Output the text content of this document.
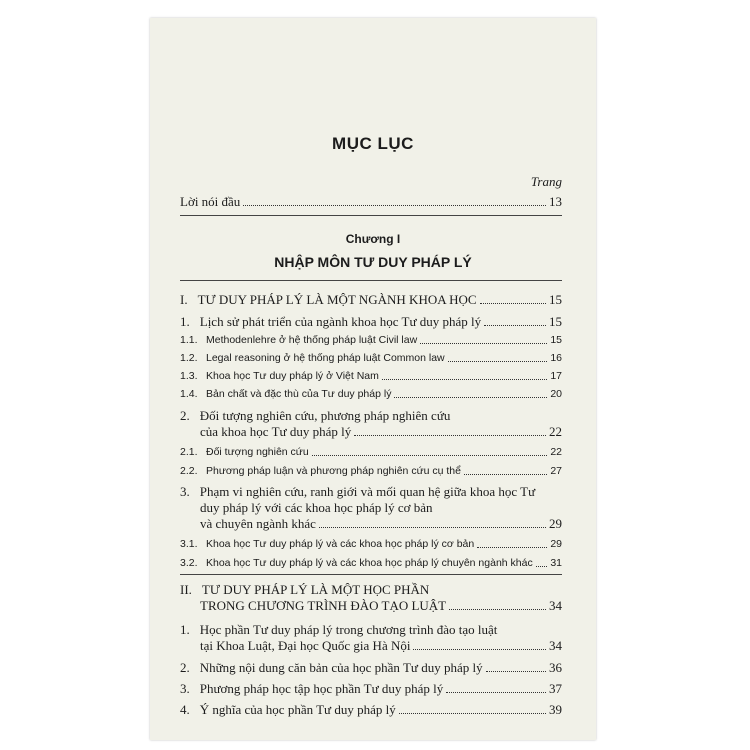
MỤC LỤC
Trang
Lời nói đầu	13
Chương I
NHẬP MÔN TƯ DUY PHÁP LÝ
I. TƯ DUY PHÁP LÝ LÀ MỘT NGÀNH KHOA HỌC	15
1. Lịch sử phát triển của ngành khoa học Tư duy pháp lý	15
1.1. Methodenlehre ở hệ thống pháp luật Civil law	15
1.2. Legal reasoning ở hệ thống pháp luật Common law	16
1.3. Khoa học Tư duy pháp lý ở Việt Nam	17
1.4. Bản chất và đặc thù của Tư duy pháp lý	20
2. Đối tượng nghiên cứu, phương pháp nghiên cứu
của khoa học Tư duy pháp lý	22
2.1. Đối tượng nghiên cứu	22
2.2. Phương pháp luận và phương pháp nghiên cứu cụ thể	27
3. Phạm vi nghiên cứu, ranh giới và mối quan hệ giữa khoa học Tư
duy pháp lý với các khoa học pháp lý cơ bản
và chuyên ngành khác	29
3.1. Khoa học Tư duy pháp lý và các khoa học pháp lý cơ bản	29
3.2. Khoa học Tư duy pháp lý và các khoa học pháp lý chuyên ngành khác 31
II. TƯ DUY PHÁP LÝ LÀ MỘT HỌC PHẦN
TRONG CHƯƠNG TRÌNH ĐÀO TẠO LUẬT	34
1. Học phần Tư duy pháp lý trong chương trình đào tạo luật
tại Khoa Luật, Đại học Quốc gia Hà Nội	34
2. Những nội dung căn bản của học phần Tư duy pháp lý	36
3. Phương pháp học tập học phần Tư duy pháp lý	37
4. Ý nghĩa của học phần Tư duy pháp lý	39
